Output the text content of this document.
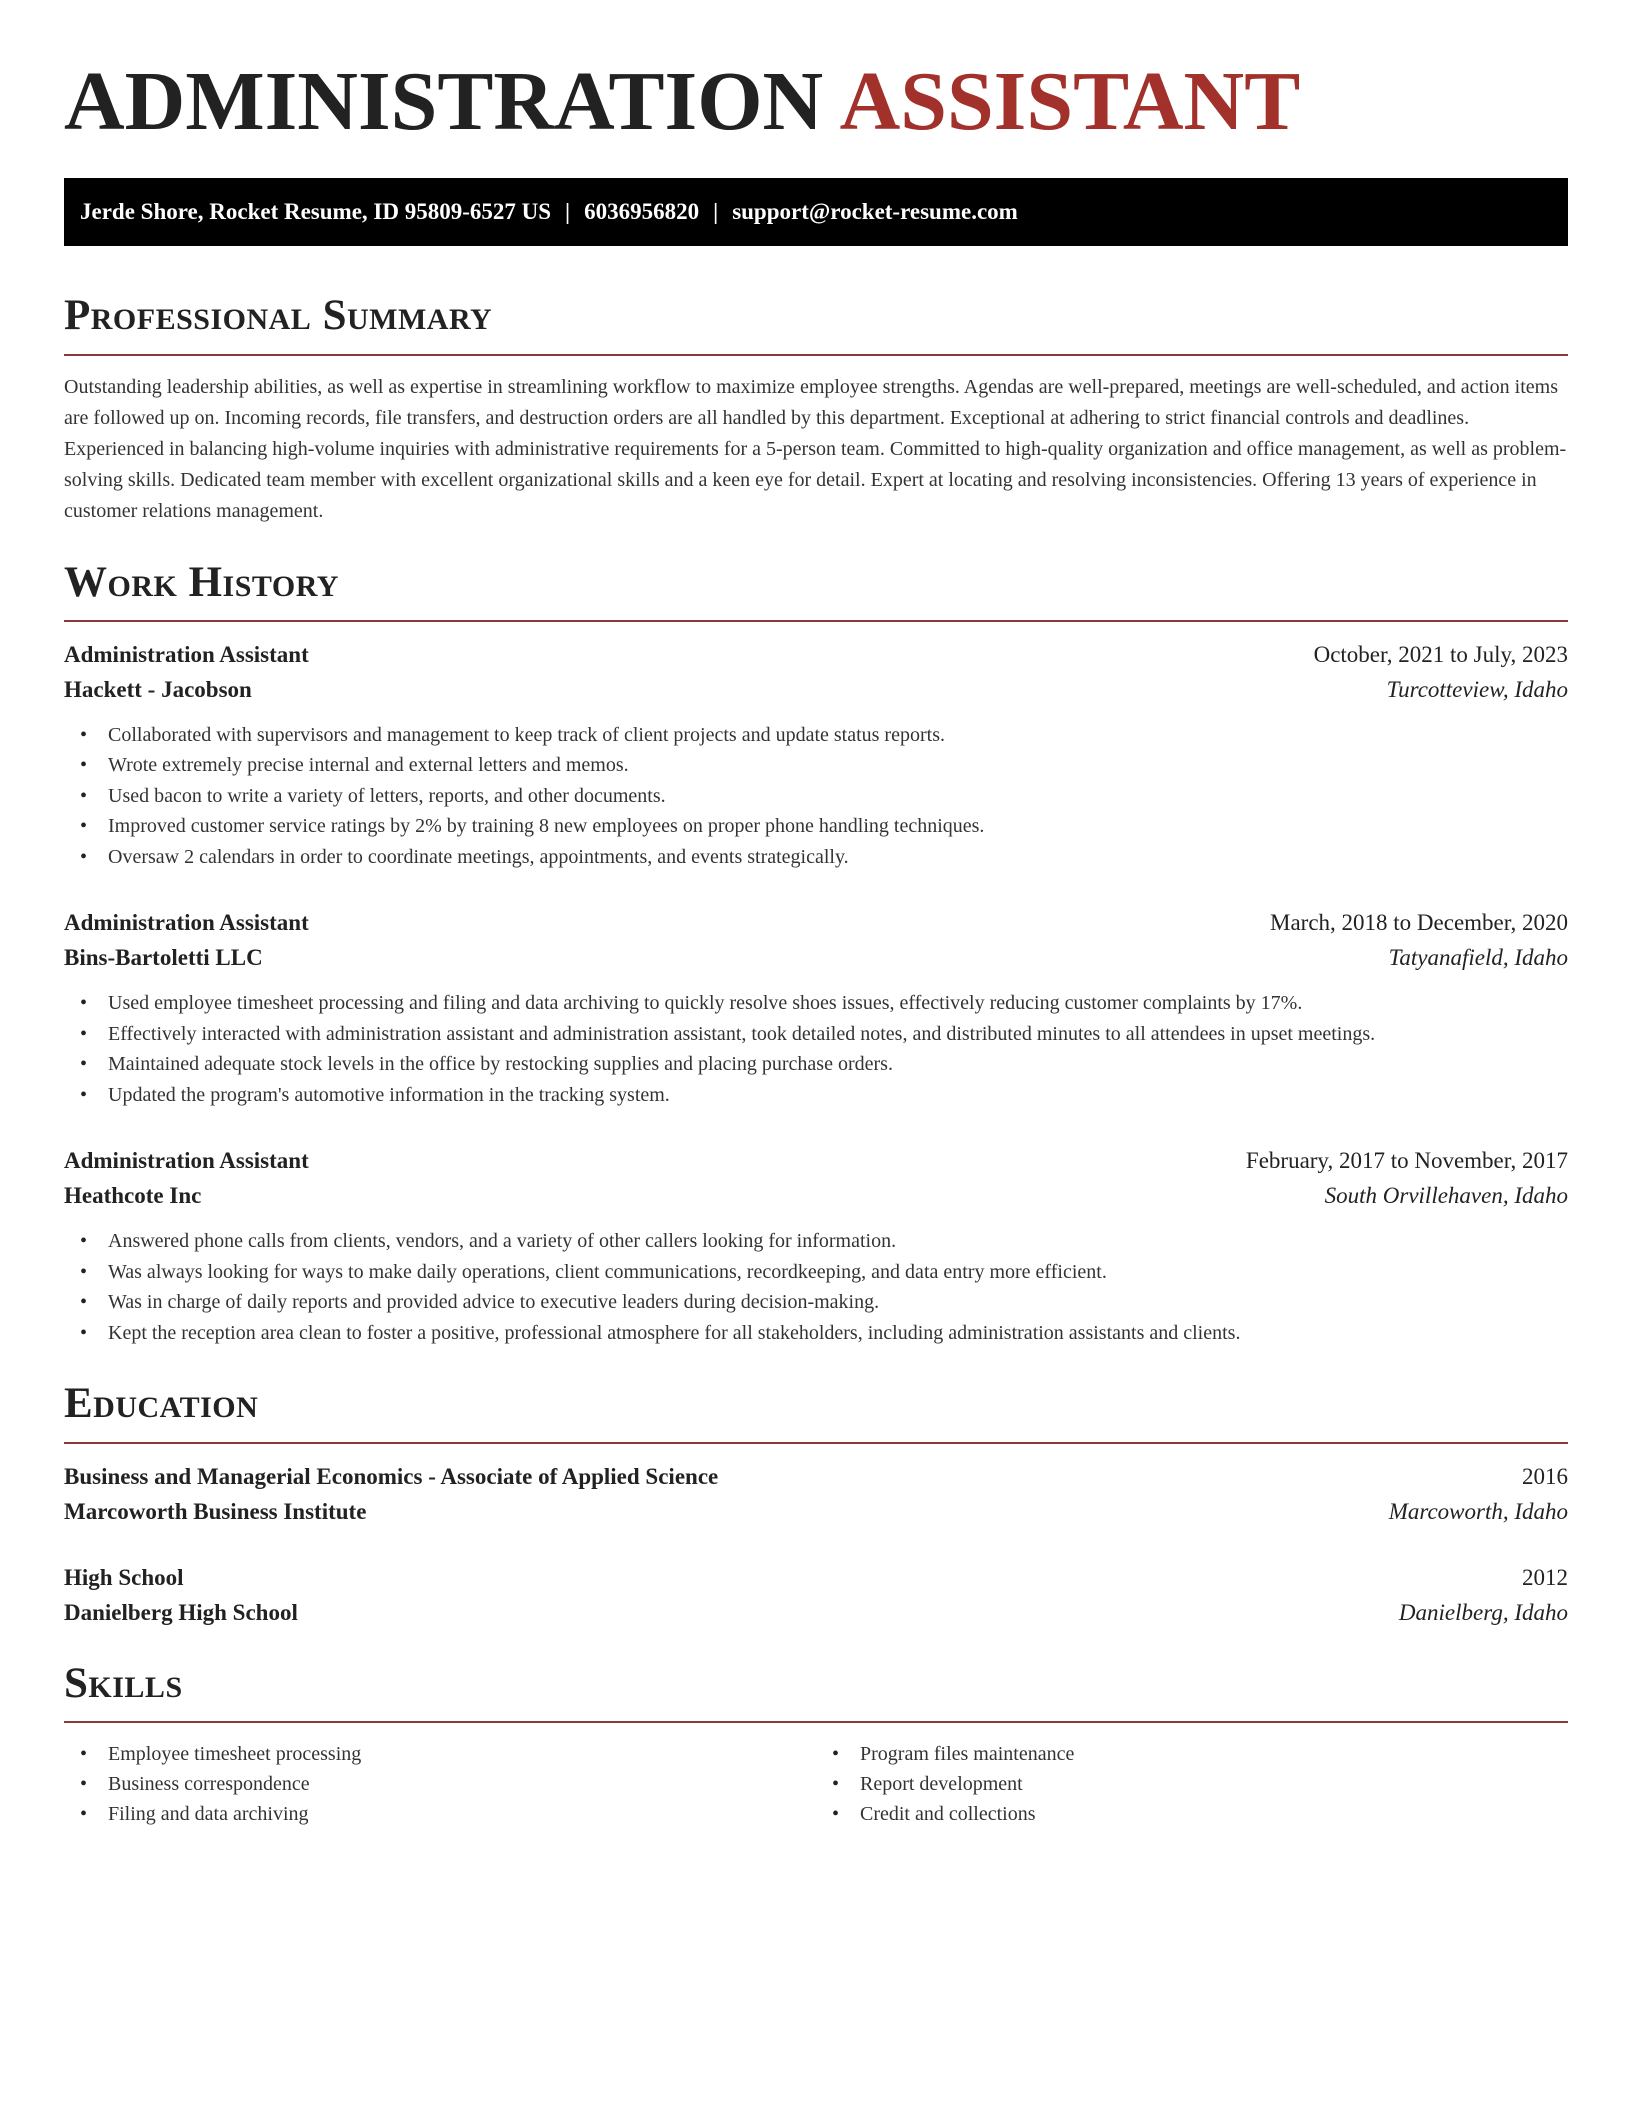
ADMINISTRATION ASSISTANT
Jerde Shore, Rocket Resume, ID 95809-6527 US | 6036956820 | support@rocket-resume.com
Professional Summary

Outstanding leadership abilities, as well as expertise in streamlining workflow to maximize employee strengths. Agendas are well-prepared, meetings are well-scheduled, and action items are followed up on. Incoming records, file transfers, and destruction orders are all handled by this department. Exceptional at adhering to strict financial controls and deadlines. Experienced in balancing high-volume inquiries with administrative requirements for a 5-person team. Committed to high-quality organization and office management, as well as problem-solving skills. Dedicated team member with excellent organizational skills and a keen eye for detail. Expert at locating and resolving inconsistencies. Offering 13 years of experience in customer relations management.

Work History
Administration Assistant	October, 2021 to July, 2023
Hackett - Jacobson	Turcotteview, Idaho
• Collaborated with supervisors and management to keep track of client projects and update status reports.
• Wrote extremely precise internal and external letters and memos.
• Used bacon to write a variety of letters, reports, and other documents.
• Improved customer service ratings by 2% by training 8 new employees on proper phone handling techniques.
• Oversaw 2 calendars in order to coordinate meetings, appointments, and events strategically.
Administration Assistant	March, 2018 to December, 2020
Bins-Bartoletti LLC	Tatyanafield, Idaho
• Used employee timesheet processing and filing and data archiving to quickly resolve shoes issues, effectively reducing customer complaints by 17%.
• Effectively interacted with administration assistant and administration assistant, took detailed notes, and distributed minutes to all attendees in upset meetings.
• Maintained adequate stock levels in the office by restocking supplies and placing purchase orders.
• Updated the program's automotive information in the tracking system.
Administration Assistant	February, 2017 to November, 2017
Heathcote Inc	South Orvillehaven, Idaho
• Answered phone calls from clients, vendors, and a variety of other callers looking for information.
• Was always looking for ways to make daily operations, client communications, recordkeeping, and data entry more efficient.
• Was in charge of daily reports and provided advice to executive leaders during decision-making.
• Kept the reception area clean to foster a positive, professional atmosphere for all stakeholders, including administration assistants and clients.
Education
Business and Managerial Economics - Associate of Applied Science	2016
Marcoworth Business Institute	Marcoworth, Idaho
High School	2012
Danielberg High School	Danielberg, Idaho
Skills
• Employee timesheet processing
• Business correspondence
• Filing and data archiving
• Program files maintenance
• Report development
• Credit and collections
